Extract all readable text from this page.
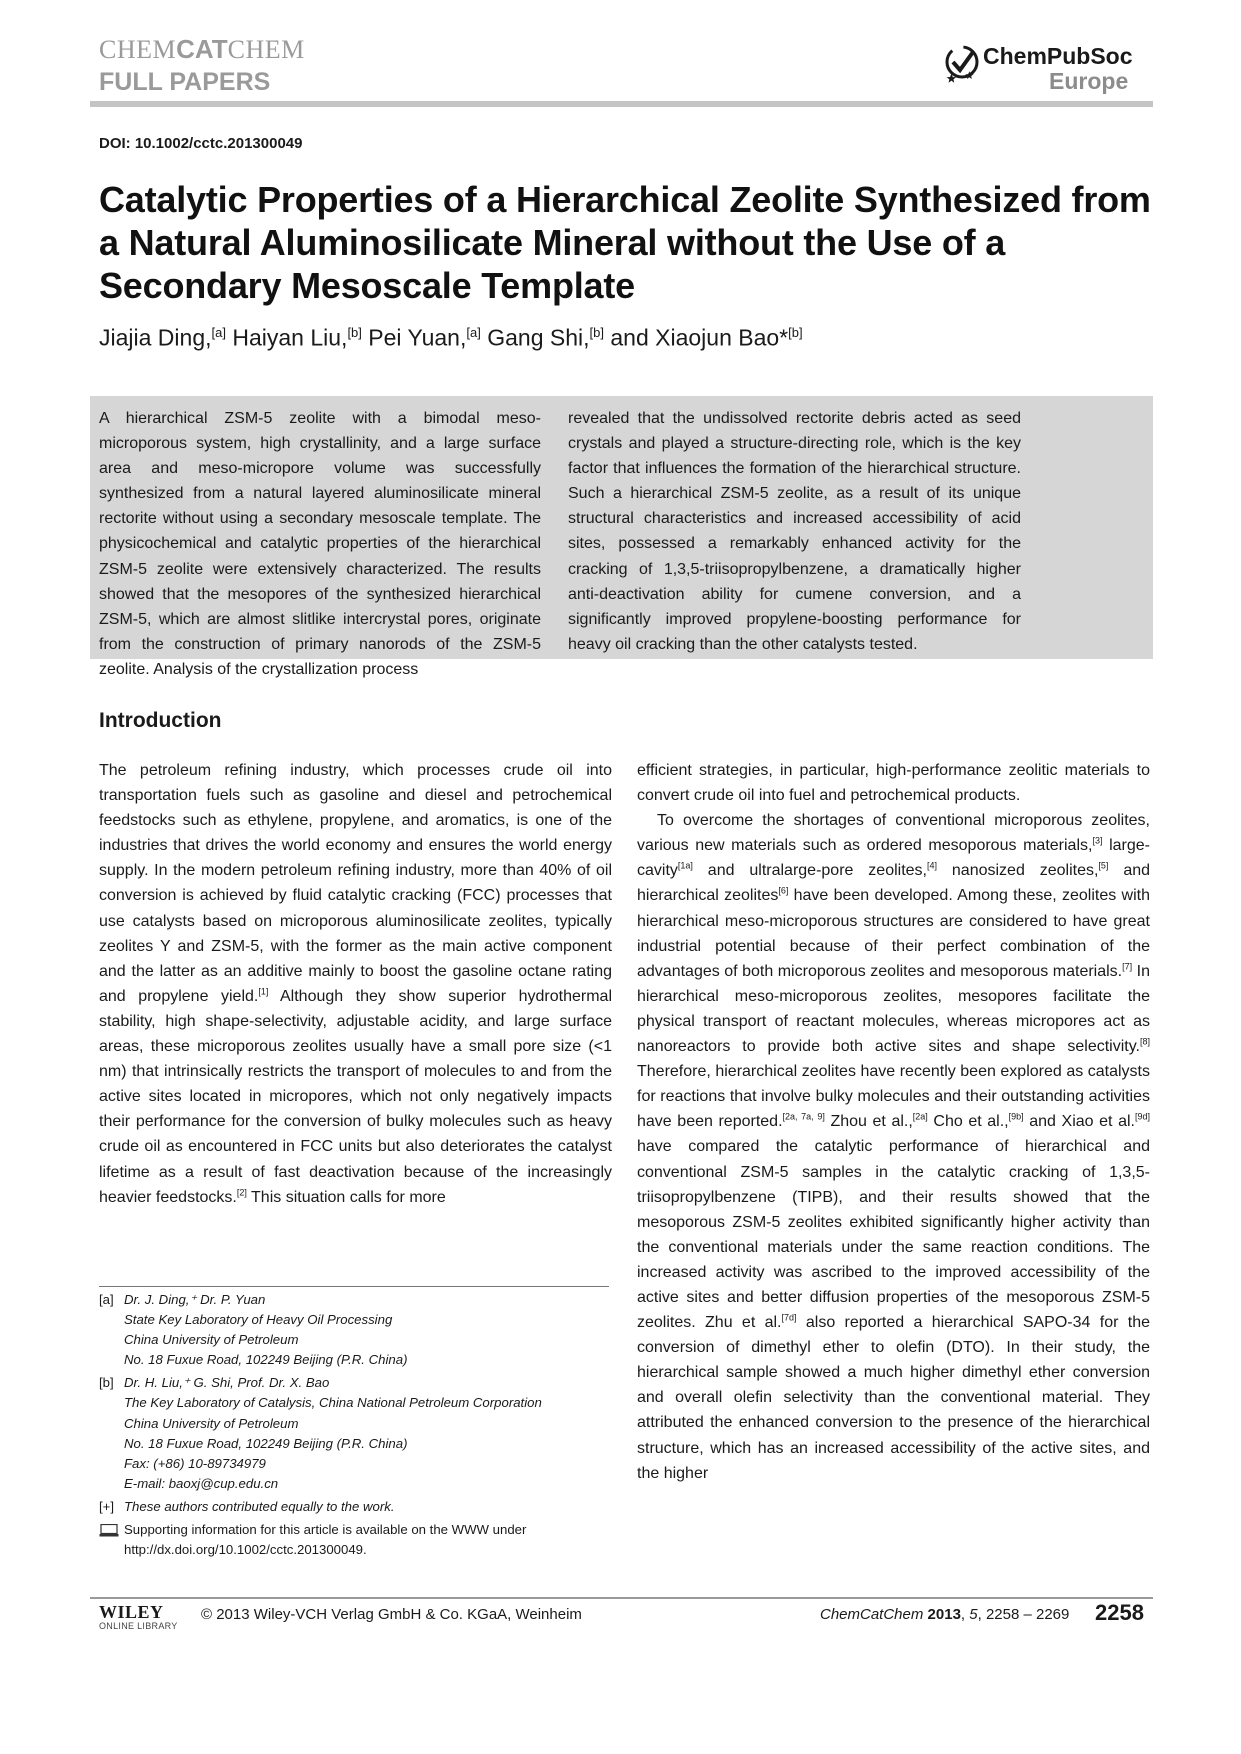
CHEMCATCHEM
FULL PAPERS
ChemPubSoc
Europe
DOI: 10.1002/cctc.201300049
Catalytic Properties of a Hierarchical Zeolite Synthesized from a Natural Aluminosilicate Mineral without the Use of a Secondary Mesoscale Template
Jiajia Ding,[a] Haiyan Liu,[b] Pei Yuan,[a] Gang Shi,[b] and Xiaojun Bao*[b]

A hierarchical ZSM-5 zeolite with a bimodal meso-microporous system, high crystallinity, and a large surface area and meso-micropore volume was successfully synthesized from a natural layered aluminosilicate mineral rectorite without using a secondary mesoscale template. The physicochemical and catalytic properties of the hierarchical ZSM-5 zeolite were extensively characterized. The results showed that the mesopores of the synthesized hierarchical ZSM-5, which are almost slitlike intercrystal pores, originate from the construction of primary nanorods of the ZSM-5 zeolite. Analysis of the crystallization process

revealed that the undissolved rectorite debris acted as seed crystals and played a structure-directing role, which is the key factor that influences the formation of the hierarchical structure. Such a hierarchical ZSM-5 zeolite, as a result of its unique structural characteristics and increased accessibility of acid sites, possessed a remarkably enhanced activity for the cracking of 1,3,5-triisopropylbenzene, a dramatically higher anti-deactivation ability for cumene conversion, and a significantly improved propylene-boosting performance for heavy oil cracking than the other catalysts tested.

Introduction

The petroleum refining industry, which processes crude oil into transportation fuels such as gasoline and diesel and petrochemical feedstocks such as ethylene, propylene, and aromatics, is one of the industries that drives the world economy and ensures the world energy supply. In the modern petroleum refining industry, more than 40% of oil conversion is achieved by fluid catalytic cracking (FCC) processes that use catalysts based on microporous aluminosilicate zeolites, typically zeolites Y and ZSM-5, with the former as the main active component and the latter as an additive mainly to boost the gasoline octane rating and propylene yield.[1] Although they show superior hydrothermal stability, high shape-selectivity, adjustable acidity, and large surface areas, these microporous zeolites usually have a small pore size (<1 nm) that intrinsically restricts the transport of molecules to and from the active sites located in micropores, which not only negatively impacts their performance for the conversion of bulky molecules such as heavy crude oil as encountered in FCC units but also deteriorates the catalyst lifetime as a result of fast deactivation because of the increasingly heavier feedstocks.[2] This situation calls for more

efficient strategies, in particular, high-performance zeolitic materials to convert crude oil into fuel and petrochemical products.

To overcome the shortages of conventional microporous zeolites, various new materials such as ordered mesoporous materials,[3] large-cavity[1a] and ultralarge-pore zeolites,[4] nanosized zeolites,[5] and hierarchical zeolites[6] have been developed. Among these, zeolites with hierarchical meso-microporous structures are considered to have great industrial potential because of their perfect combination of the advantages of both microporous zeolites and mesoporous materials.[7] In hierarchical meso-microporous zeolites, mesopores facilitate the physical transport of reactant molecules, whereas micropores act as nanoreactors to provide both active sites and shape selectivity.[8] Therefore, hierarchical zeolites have recently been explored as catalysts for reactions that involve bulky molecules and their outstanding activities have been reported.[2a, 7a, 9] Zhou et al.,[2a] Cho et al.,[9b] and Xiao et al.[9d] have compared the catalytic performance of hierarchical and conventional ZSM-5 samples in the catalytic cracking of 1,3,5-triisopropylbenzene (TIPB), and their results showed that the mesoporous ZSM-5 zeolites exhibited significantly higher activity than the conventional materials under the same reaction conditions. The increased activity was ascribed to the improved accessibility of the active sites and better diffusion properties of the mesoporous ZSM-5 zeolites. Zhu et al.[7d] also reported a hierarchical SAPO-34 for the conversion of dimethyl ether to olefin (DTO). In their study, the hierarchical sample showed a much higher dimethyl ether conversion and overall olefin selectivity than the conventional material. They attributed the enhanced conversion to the presence of the hierarchical structure, which has an increased accessibility of the active sites, and the higher

[a] Dr. J. Ding,⁺ Dr. P. Yuan
State Key Laboratory of Heavy Oil Processing
China University of Petroleum
No. 18 Fuxue Road, 102249 Beijing (P.R. China)
[b] Dr. H. Liu,⁺ G. Shi, Prof. Dr. X. Bao
The Key Laboratory of Catalysis, China National Petroleum Corporation
China University of Petroleum
No. 18 Fuxue Road, 102249 Beijing (P.R. China)
Fax: (+86) 10-89734979
E-mail: baoxj@cup.edu.cn
[+] These authors contributed equally to the work.
Supporting information for this article is available on the WWW under
http://dx.doi.org/10.1002/cctc.201300049.
WILEY
ONLINE LIBRARY
© 2013 Wiley-VCH Verlag GmbH & Co. KGaA, Weinheim	ChemCatChem 2013, 5, 2258 – 2269 2258
